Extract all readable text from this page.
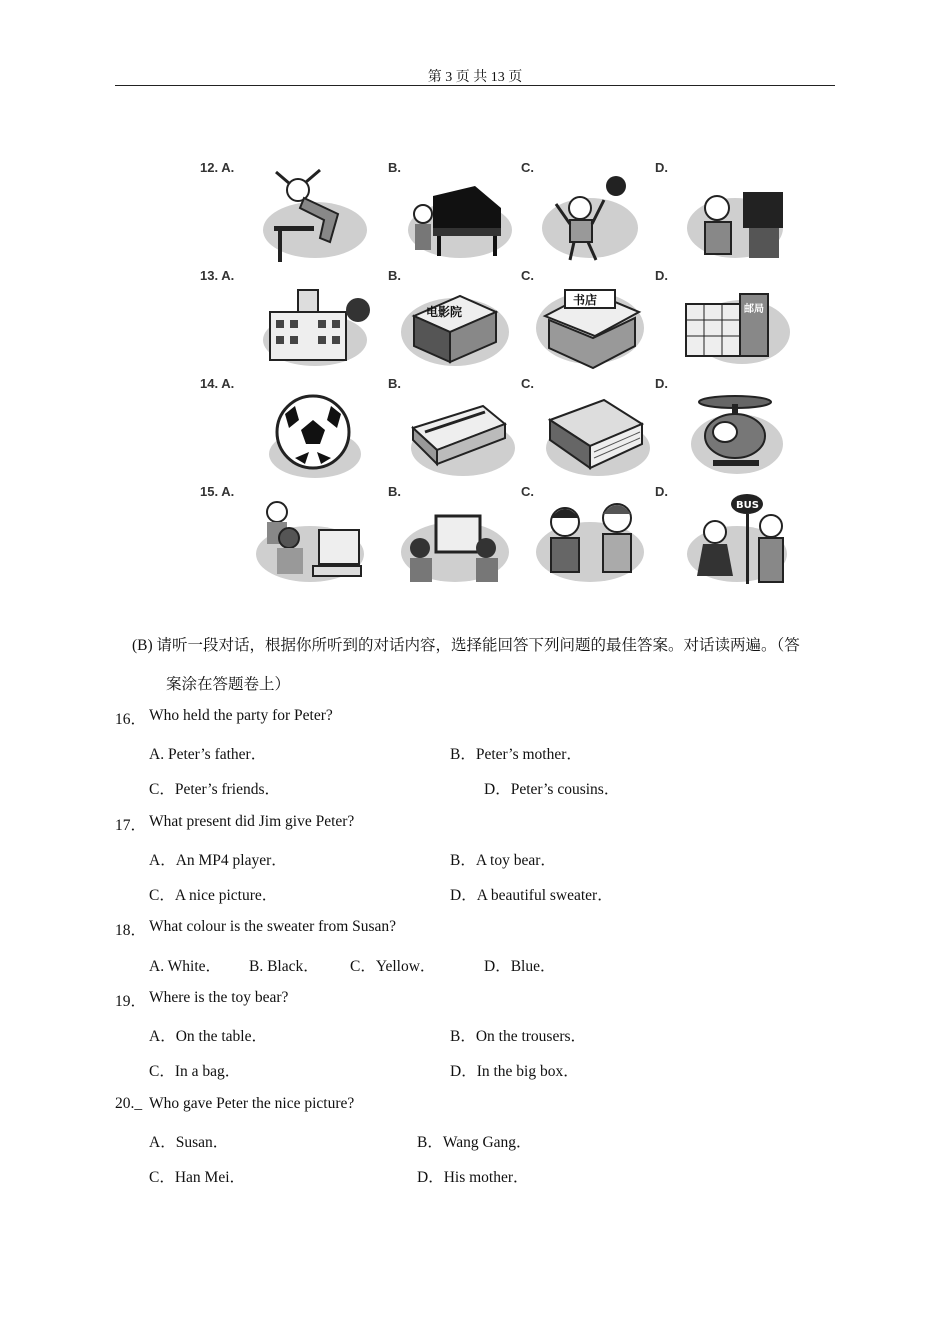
第 3 页 共 13 页
12. A.	B.	C.	D.
13. A.	B.	C.	D.
电影院
书店
邮局
14. A.	B.	C.	D.
15. A.	B.	C.	D.
BUS
(B) 请听一段对话，根据你所听到的对话内容，选择能回答下列问题的最佳答案。对话读两遍。（答
案涂在答题卷上）
16． Who held the party for Peter?
A. Peter’s father．	B．Peter’s mother．
C．Peter’s friends．	D．Peter’s cousins．
17． What present did Jim give Peter?
A．An MP4 player．	B．A toy bear．
C．A nice picture．	D．A beautiful sweater．
18． What colour is the sweater from Susan?
A. White． B. Black． C．Yellow．	D．Blue．
19． Where is the toy bear?
A．On the table．	B．On the trousers．
C．In a bag．	D．In the big box．
20._ Who gave Peter the nice picture?
A．Susan．	B．Wang Gang．
C．Han Mei．	D．His mother．
